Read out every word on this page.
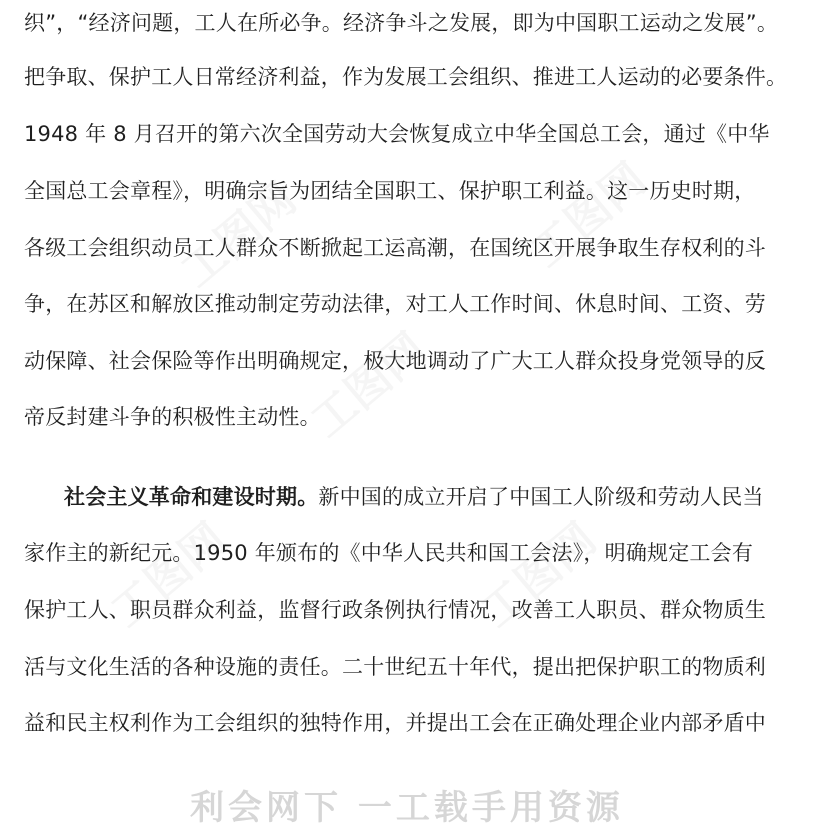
工图网
工图网
工图网
工图网	工图网
织”，“经济问题，工人在所必争。经济争斗之发展，即为中国职工运动之发展”。
把争取、保护工人日常经济利益，作为发展工会组织、推进工人运动的必要条件。
1948 年 8 月召开的第六次全国劳动大会恢复成立中华全国总工会，通过《中华
全国总工会章程》，明确宗旨为团结全国职工、保护职工利益。这一历史时期，
各级工会组织动员工人群众不断掀起工运高潮，在国统区开展争取生存权利的斗
争，在苏区和解放区推动制定劳动法律，对工人工作时间、休息时间、工资、劳
动保障、社会保险等作出明确规定，极大地调动了广大工人群众投身党领导的反
帝反封建斗争的积极性主动性。
社会主义革命和建设时期。新中国的成立开启了中国工人阶级和劳动人民当
家作主的新纪元。1950 年颁布的《中华人民共和国工会法》，明确规定工会有
保护工人、职员群众利益，监督行政条例执行情况，改善工人职员、群众物质生
活与文化生活的各种设施的责任。二十世纪五十年代，提出把保护职工的物质利
益和民主权利作为工会组织的独特作用，并提出工会在正确处理企业内部矛盾中
利会网下 一工载手用资源
